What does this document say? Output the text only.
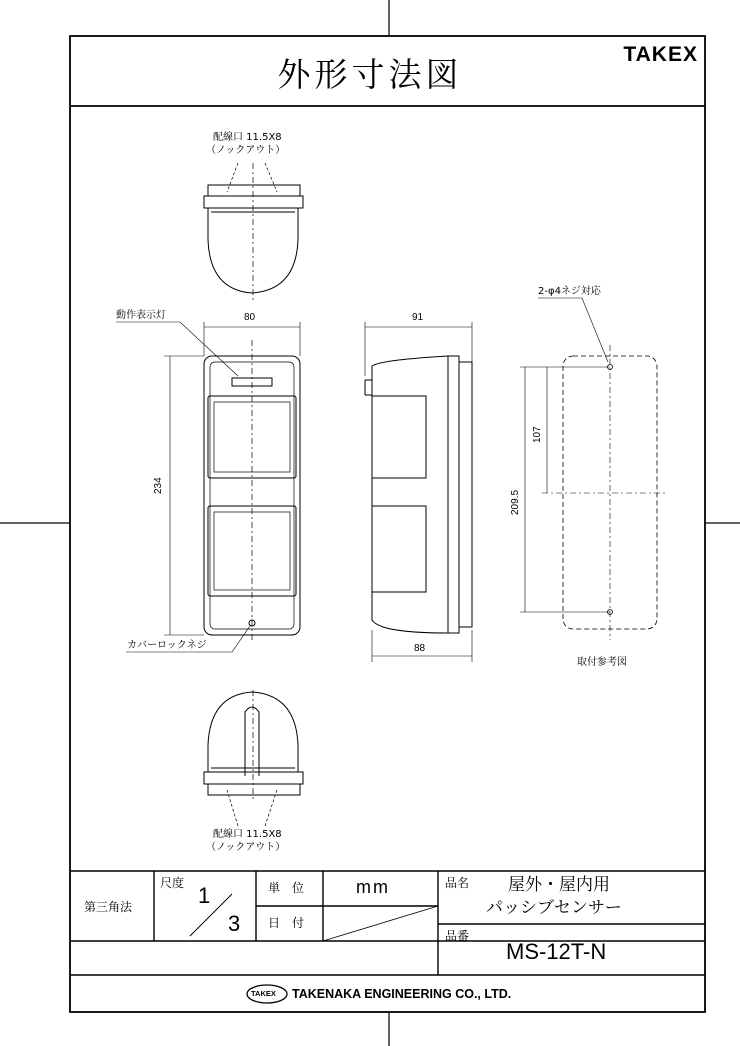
外形寸法図
TAKEX
配線口 11.5X8
（ノックアウト）
動作表示灯	80
234
91
88
カバーロックネジ
2-φ4ネジ対応
107
209.5
取付参考図
配線口 11.5X8
（ノックアウト）
第三角法
尺度 1
3
単　位	mm
日　付
品名 屋外・屋内用
パッシブセンサー
品番
MS-12T-N
TAKEX TAKENAKA ENGINEERING CO., LTD.
